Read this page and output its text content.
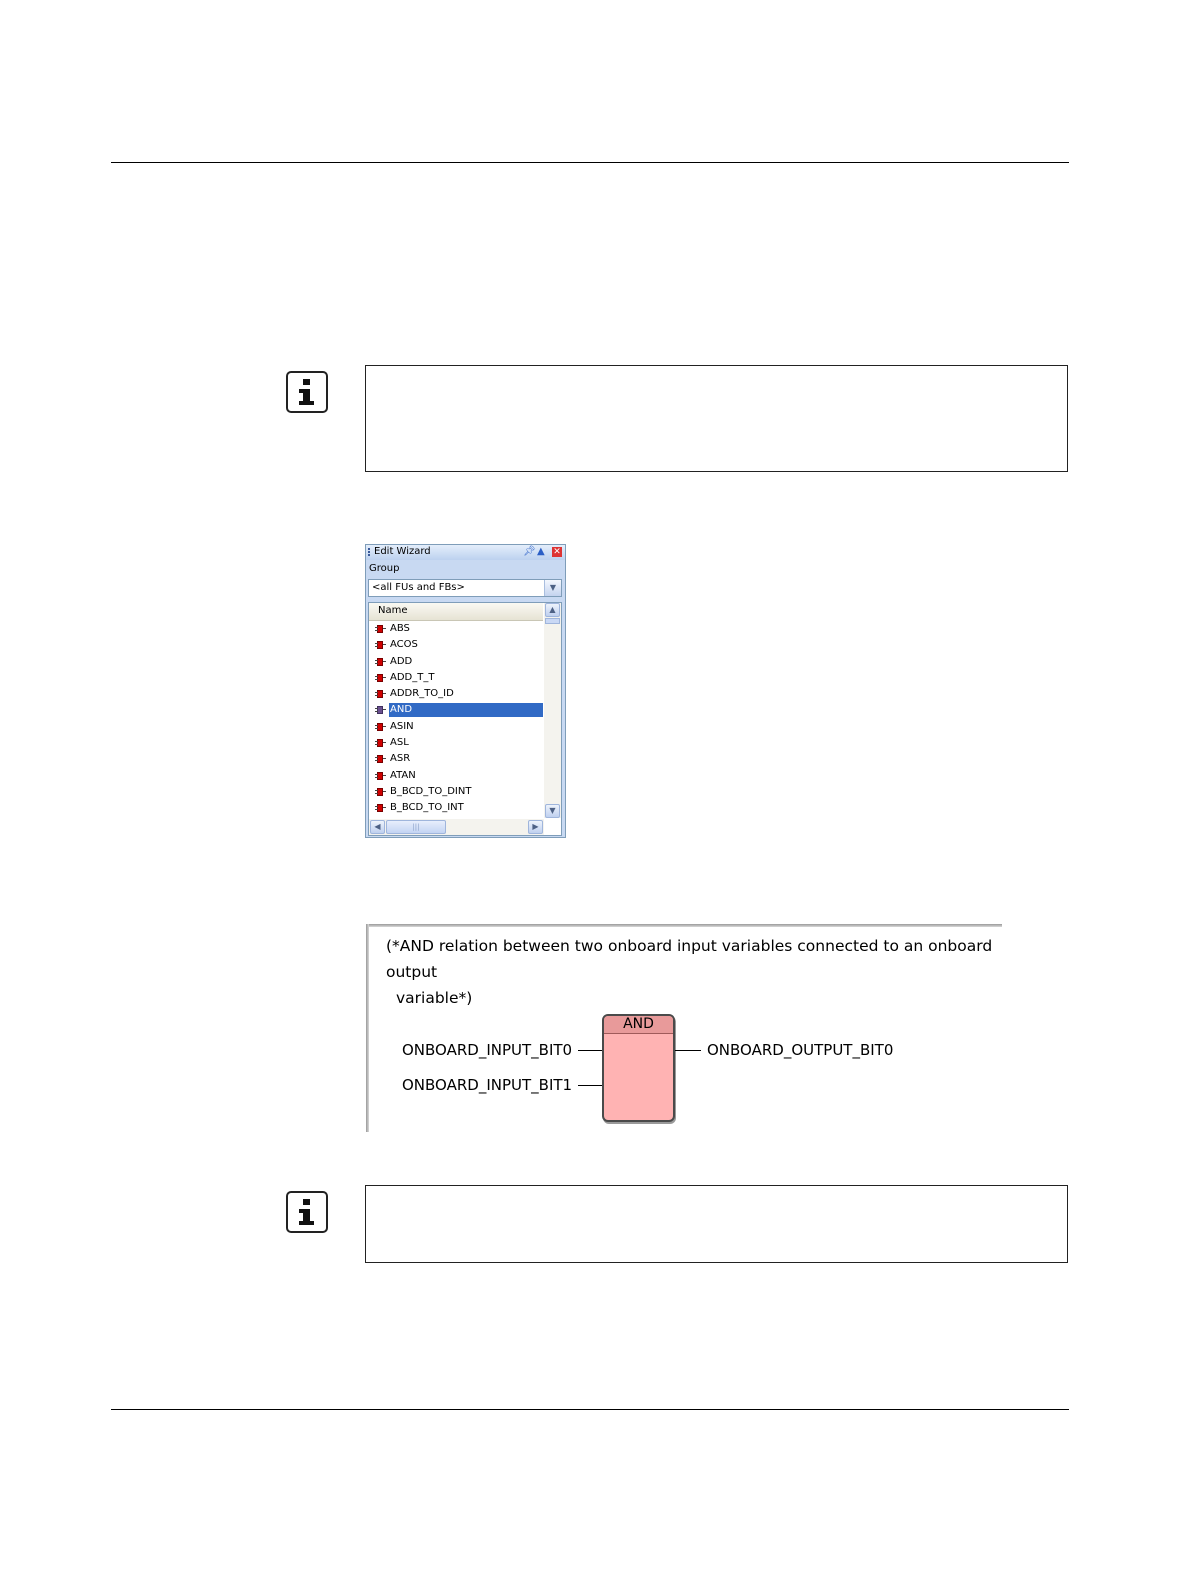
Edit Wizard	📌︎ ▲ ✕
Group
<all FUs and FBs>	▼
Name
ABS
ACOS
ADD
ADD_T_T
ADDR_TO_ID
AND
ASIN
ASL
ASR
ATAN
B_BCD_TO_DINT
B_BCD_TO_INT
▲
▼
◀	|||	▶
(*AND relation between two onboard input variables connected to an onboard output
variable*)
ONBOARD_INPUT_BIT0
ONBOARD_INPUT_BIT1
AND
ONBOARD_OUTPUT_BIT0
